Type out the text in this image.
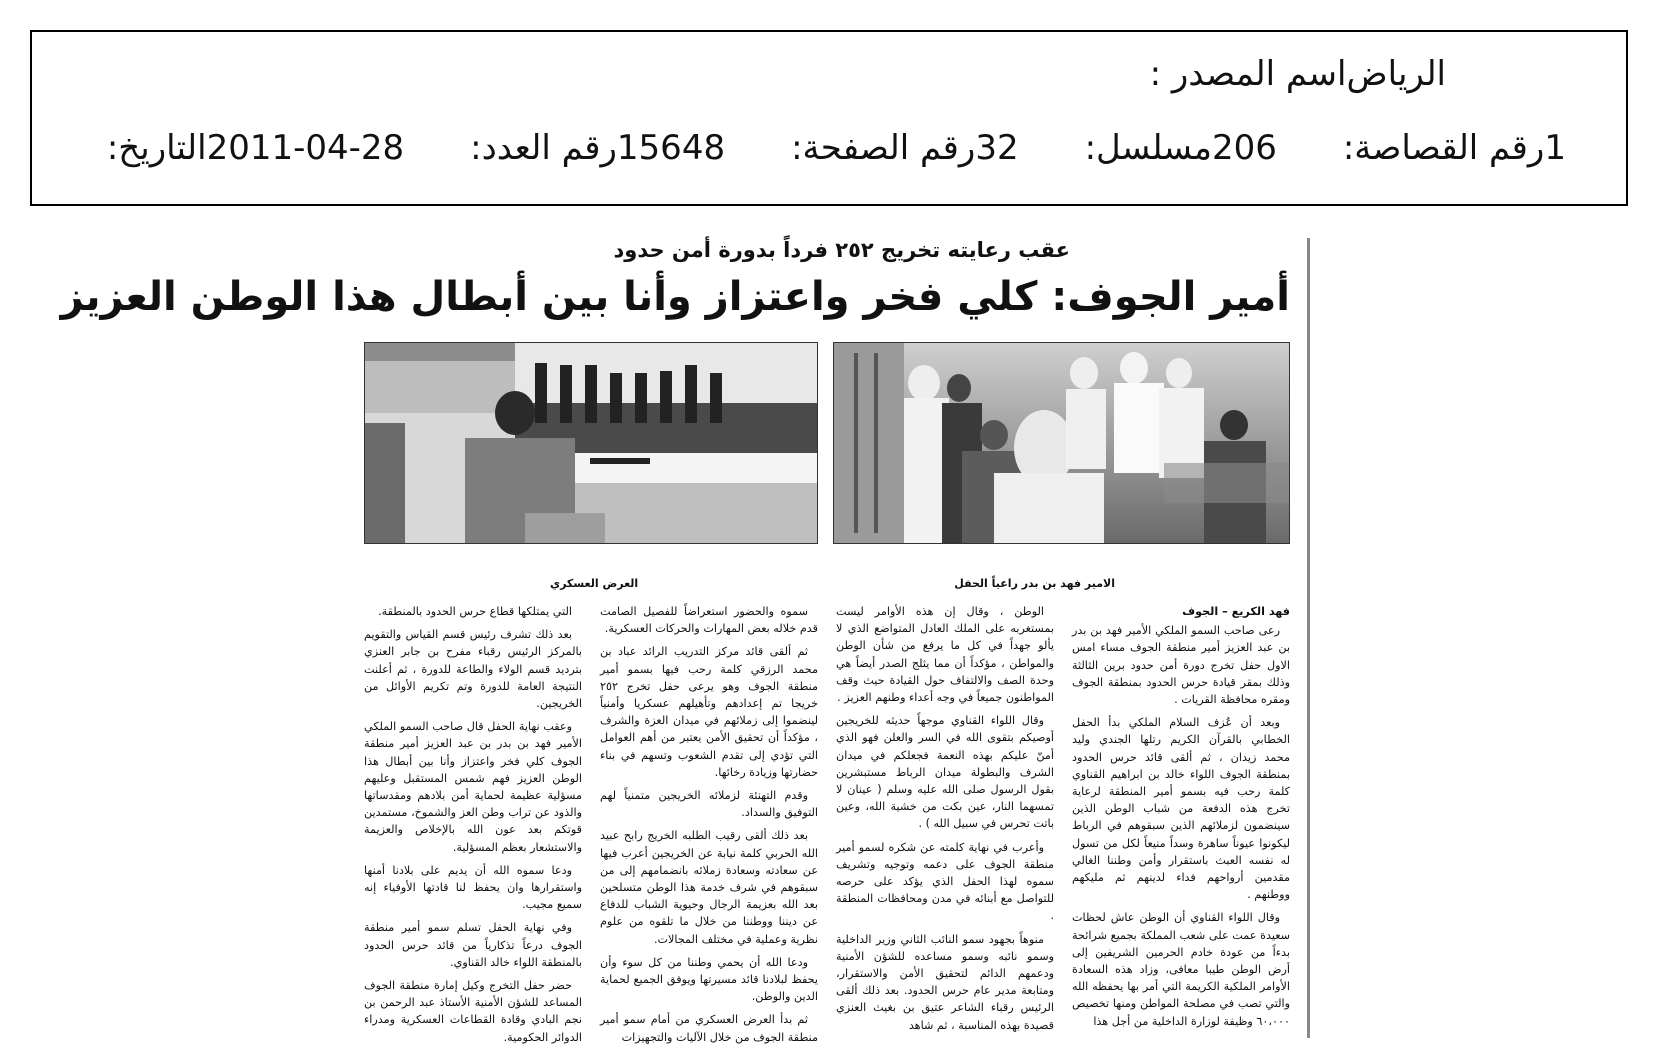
اسم المصدر : الرياض
التاريخ: 2011-04-28 رقم العدد: 15648 رقم الصفحة: 32 مسلسل: 206 رقم القصاصة: 1
عقب رعايته تخريج ٢٥٢ فرداً بدورة أمن حدود
أمير الجوف: كلي فخر واعتزاز وأنا بين أبطال هذا الوطن العزيز
الامير فهد بن بدر راعياً الحفل
العرض العسكري
فهد الكريع – الجوف

رعى صاحب السمو الملكي الأمير فهد بن بدر بن عبد العزيز أمير منطقة الجوف مساء امس الاول حفل تخرج دورة أمن حدود برين الثالثة وذلك بمقر قيادة حرس الحدود بمنطقة الجوف ومقره محافظة القريات .

وبعد أن عُزف السلام الملكي بدأ الحفل الخطابي بالقرآن الكريم رتلها الجندي وليد محمد زيدان ، ثم ألقى قائد حرس الحدود بمنطقة الجوف اللواء خالد بن ابراهيم القناوي كلمة رحب فيه بسمو أمير المنطقة لرعاية تخرج هذه الدفعة من شباب الوطن الذين سينضمون لزملائهم الذين سبقوهم في الرباط ليكونوا عيوناً ساهرة وسداً منيعاً لكل من تسول له نفسه العبث باستقرار وأمن وطننا الغالي مقدمين أرواحهم فداء لدينهم ثم مليكهم ووطنهم .

وقال اللواء القناوي أن الوطن عاش لحظات سعيدة عمت على شعب المملكة بجميع شرائحة بدءاً من عودة خادم الحرمين الشريفين إلى أرض الوطن طيبا معافى، وزاد هذه السعادة الأوامر الملكية الكريمة التي أمر بها يحفظه الله والتي تصب في مصلحة المواطن ومنها تخصيص ٦٠،٠٠٠ وظيفة لوزارة الداخلية من أجل هذا

الوطن ، وقال إن هذه الأوامر ليست بمستغربه على الملك العادل المتواضع الذي لا يألو جهداً في كل ما يرفع من شأن الوطن والمواطن ، مؤكداً أن مما يثلج الصدر أيضاً هي وحدة الصف والالتفاف حول القيادة حيث وقف المواطنون جميعاً في وجه أعداء وطنهم العزيز .

وقال اللواء القناوي موجهاً حديثه للخريجين أوصيكم بتقوى الله في السر والعلن فهو الذي أمنّ عليكم بهذه النعمة فجعلكم في ميدان الشرف والبطولة ميدان الرباط مستبشرين بقول الرسول صلى الله عليه وسلم ( عينان لا تمسهما النار، عين بكت من خشية الله، وعين باتت تحرس في سبيل الله ) .

وأعرب في نهاية كلمته عن شكره لسمو أمير منطقة الجوف على دعمه وتوجيه وتشريف سموه لهذا الحفل الذي يؤكد على حرصه للتواصل مع أبنائه في مدن ومحافظات المنطقة .

منوهاً بجهود سمو النائب الثاني وزير الداخلية وسمو نائبه وسمو مساعده للشؤن الأمنية ودعمهم الدائم لتحقيق الأمن والاستقرار، ومتابعة مدير عام حرس الحدود. بعد ذلك ألقى الرئيس رقباء الشاعر عتيق بن بغيث العنزي قصيدة بهذه المناسبة ، ثم شاهد

سموه والحضور استعراضاً للفصيل الصامت قدم خلاله بعض المهارات والحركات العسكرية.

ثم ألقى قائد مركز التدريب الرائد عباد بن محمد الرزقي كلمة رحب فيها بسمو أمير منطقة الجوف وهو يرعى حفل تخرج ٢٥٢ خريجا تم إعدادهم وتأهيلهم عسكريا وأمنياً لينضموا إلى زملائهم في ميدان العزة والشرف ، مؤكداً أن تحقيق الأمن يعتبر من أهم العوامل التي تؤدي إلى تقدم الشعوب وتسهم في بناء حضارتها وزيادة رخائها.

وقدم التهنئة لزملائه الخريجين متمنياً لهم التوفيق والسداد.

بعد ذلك ألقى رقيب الطلبه الخريج رابح عبيد الله الحربي كلمة نيابة عن الخريجين أعرب فيها عن سعادته وسعادة زملائه بانضمامهم إلى من سبقوهم في شرف خدمة هذا الوطن متسلحين بعد الله بعزيمة الرجال وحيوية الشباب للدفاع عن ديننا ووطننا من خلال ما تلقوه من علوم نظرية وعملية في مختلف المجالات.

ودعا الله أن يحمي وطننا من كل سوء وأن يحفظ لبلادنا قائد مسيرتها ويوفق الجميع لحماية الدين والوطن.

ثم بدأ العرض العسكري من أمام سمو أمير منطقة الجوف من خلال الآليات والتجهيزات

التي يمتلكها قطاع حرس الحدود بالمنطقة.

بعد ذلك تشرف رئيس قسم القياس والتقويم بالمركز الرئيس رقباء مفرح بن جابر العنزي بترديد قسم الولاء والطاعة للدورة ، ثم أعلنت النتيجة العامة للدورة وتم تكريم الأوائل من الخريجين.

وعقب نهاية الحفل قال صاحب السمو الملكي الأمير فهد بن بدر بن عبد العزيز أمير منطقة الجوف كلي فخر واعتزاز وأنا بين أبطال هذا الوطن العزيز فهم شمس المستقبل وعليهم مسؤلية عظيمة لحماية أمن بلادهم ومقدساتها والذود عن تراب وطن العز والشموخ، مستمدين قوتكم بعد عون الله بالإخلاص والعزيمة والاستشعار بعظم المسؤلية.

ودعا سموه الله أن يديم على بلادنا أمنها واستقرارها وان يحفظ لنا قادتها الأوفياء إنه سميع مجيب.

وفي نهاية الحفل تسلم سمو أمير منطقة الجوف درعاً تذكارياً من قائد حرس الحدود بالمنطقة اللواء خالد القناوي.

حضر حفل التخرج وكيل إمارة منطقة الجوف المساعد للشؤن الأمنية الأستاذ عبد الرحمن بن نجم البادي وقادة القطاعات العسكرية ومدراء الدوائر الحكومية.
